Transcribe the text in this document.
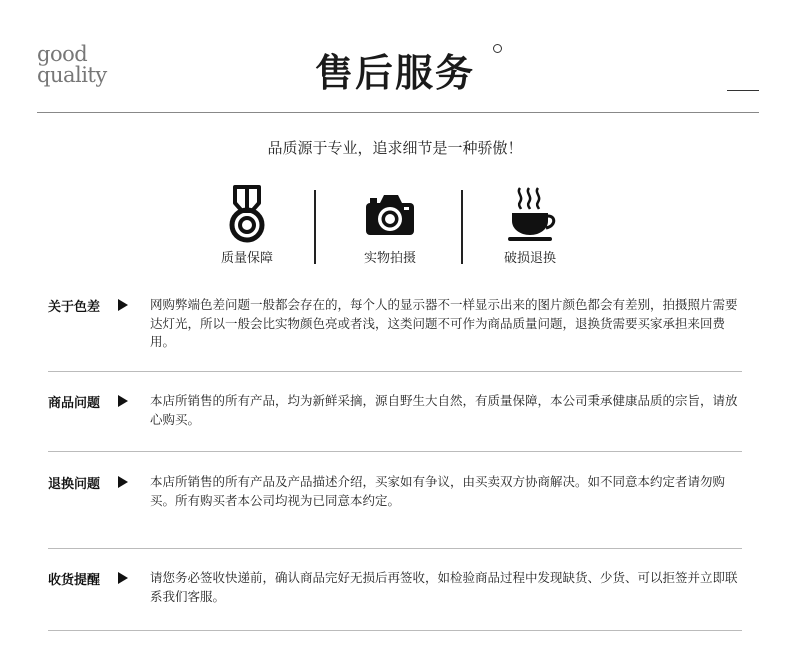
good
quality	售后服务
品质源于专业，追求细节是一种骄傲！
质量保障	实物拍摄	破损退换
关于色差	网购弊端色差问题一般都会存在的，每个人的显示器不一样显示出来的图片颜色都会有差别，拍摄照片需要达灯光，所以一般会比实物颜色亮或者浅，这类问题不可作为商品质量问题，退换货需要买家承担来回费用。
商品问题	本店所销售的所有产品，均为新鲜采摘，源自野生大自然，有质量保障，本公司秉承健康品质的宗旨，请放心购买。
退换问题	本店所销售的所有产品及产品描述介绍，买家如有争议，由买卖双方协商解决。如不同意本约定者请勿购买。所有购买者本公司均视为已同意本约定。
收货提醒	请您务必签收快递前，确认商品完好无损后再签收，如检验商品过程中发现缺货、少货、可以拒签并立即联系我们客服。
